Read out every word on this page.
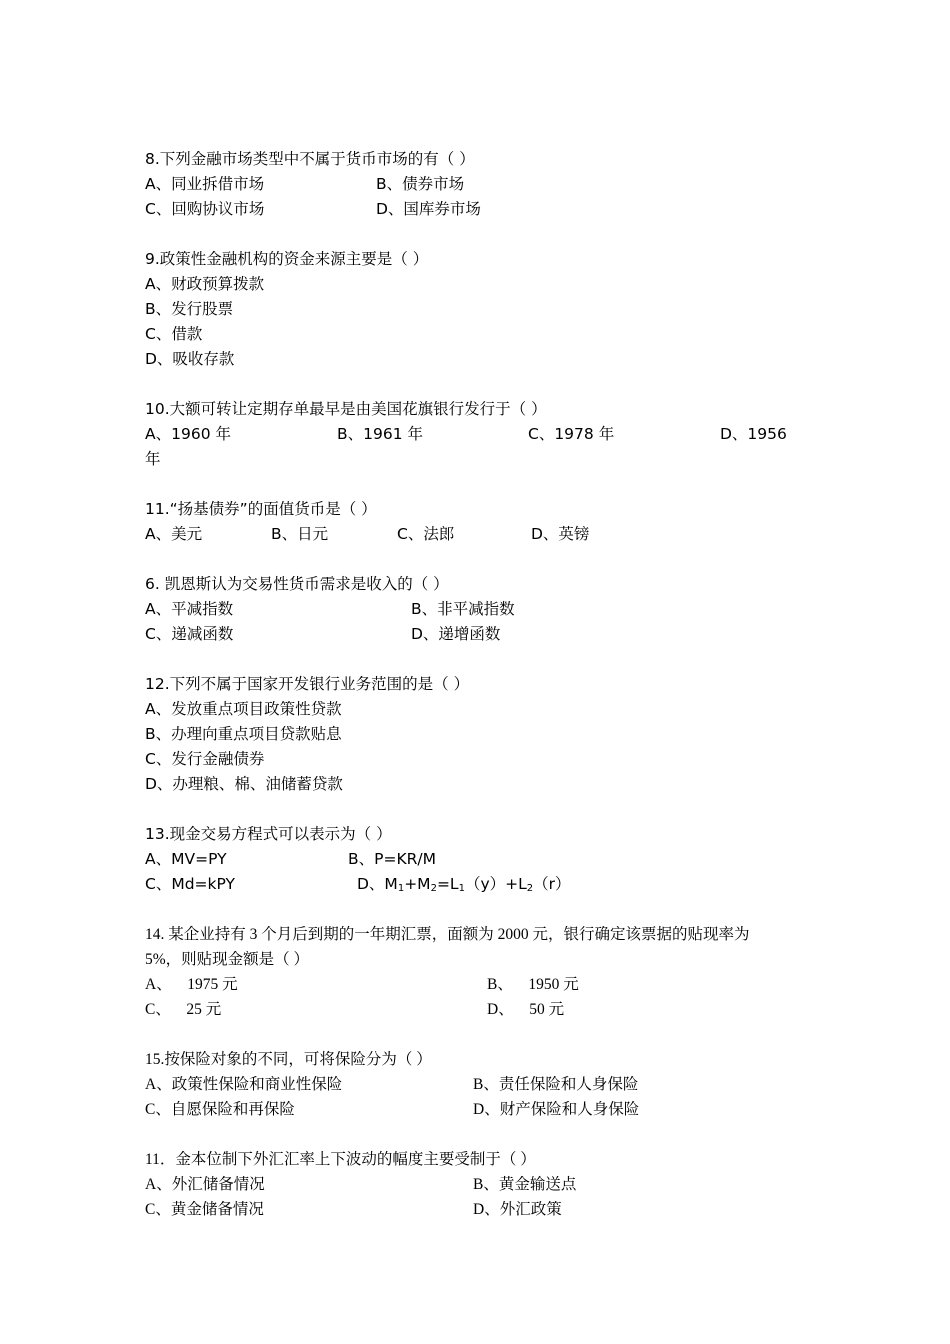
8.下列金融市场类型中不属于货币市场的有（ ）
A、同业拆借市场	B、债券市场
C、回购协议市场	D、国库券市场
9.政策性金融机构的资金来源主要是（ ）
A、财政预算拨款
B、发行股票
C、借款
D、吸收存款
10.大额可转让定期存单最早是由美国花旗银行发行于（ ）
A、1960 年	B、1961 年	C、1978 年	D、1956
年
11.“扬基债券”的面值货币是（ ）
A、美元	B、日元	C、法郎	D、英镑
6. 凯恩斯认为交易性货币需求是收入的（ ）
A、平减指数	B、非平减指数
C、递减函数	D、递增函数
12.下列不属于国家开发银行业务范围的是（ ）
A、发放重点项目政策性贷款
B、办理向重点项目贷款贴息
C、发行金融债券
D、办理粮、棉、油储蓄贷款
13.现金交易方程式可以表示为（ ）
A、MV=PY	B、P=KR/M
C、Md=kPY	D、$M_1+M_2=L_1(y)+L_2(r)$
14. 某企业持有 3 个月后到期的一年期汇票，面额为 2000 元，银行确定该票据的贴现率为
5%，则贴现金额是（ ）
A、    1975 元	B、    1950 元
C、    25 元	D、    50 元
15.按保险对象的不同，可将保险分为（ ）
A、政策性保险和商业性保险	B、责任保险和人身保险
C、自愿保险和再保险	D、财产保险和人身保险
11．金本位制下外汇汇率上下波动的幅度主要受制于（ ）
A、外汇储备情况	B、黄金输送点
C、黄金储备情况	D、外汇政策
